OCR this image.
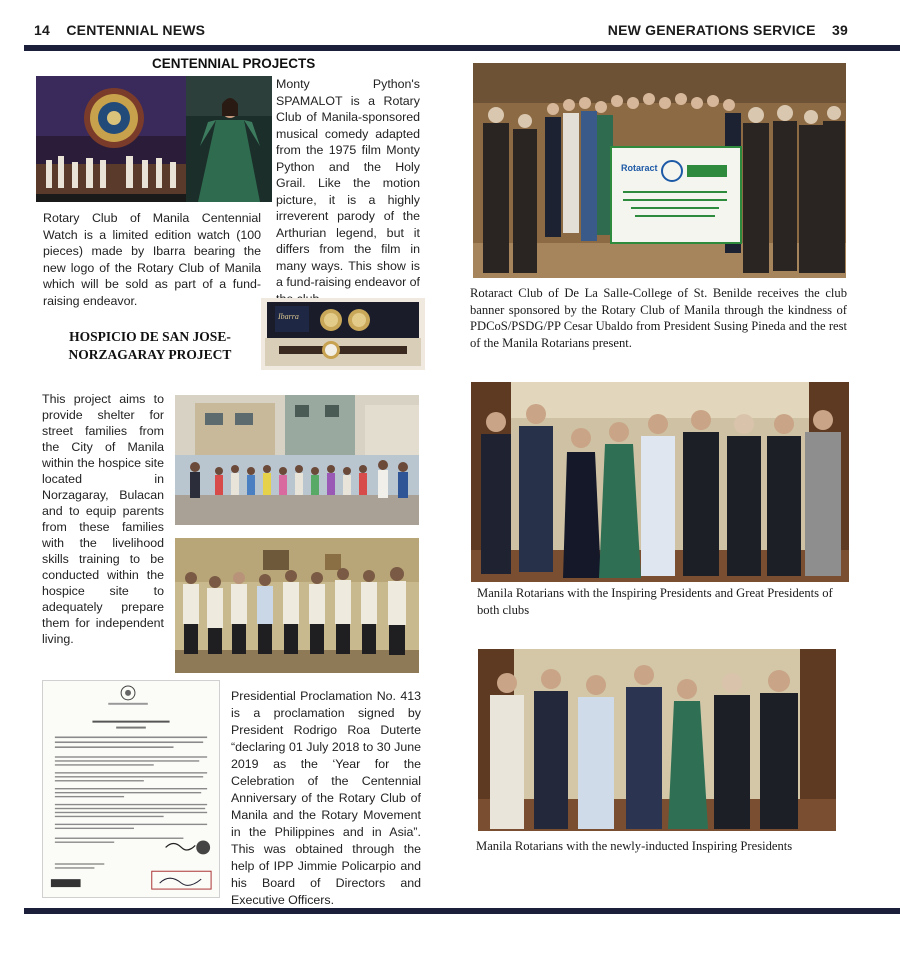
14 CENTENNIAL NEWS	NEW GENERATIONS SERVICE 39
CENTENNIAL PROJECTS
Monty Python's SPAMALOT is a Rotary Club of Manila-sponsored musical comedy adapted from the 1975 film Monty Python and the Holy Grail. Like the motion picture, it is a highly irreverent parody of the Arthurian legend, but it differs from the film in many ways. This show is a fund-raising endeavor of
Rotary Club of Manila Centennial Watch is a limited edition watch (100 pieces) made by Ibarra bearing the new logo of the Rotary Club of Manila which will be sold as part of a fund-raising endeavor.
Ibarra
HOSPICIO DE SAN JOSE-NORZAGARAY PROJECT
This project aims to provide shelter for street families from the City of Manila within the hospice site located in Norzagaray, Bulacan and to equip parents from these families with the livelihood skills training to be conducted within the hospice site to adequately prepare them for independent living.
Presidential Proclamation No. 413 is a proclamation signed by President Rodrigo Roa Duterte “declaring 01 July 2018 to 30 June 2019 as the ‘Year for the Celebration of the Centennial Anniversary of the Rotary Club of Manila and the Rotary Movement in the Philippines and in Asia”. This was obtained through the help of IPP Jimmie Policarpio and his Board of Directors and Executive Officers.
Rotaract
Rotaract Club of De La Salle-College of St. Benilde receives the club banner sponsored by the Rotary Club of Manila through the kindness of PDCoS/PSDG/PP Cesar Ubaldo from President Susing Pineda and the rest of the Manila Rotarians present.
Manila Rotarians with the Inspiring Presidents and Great Presidents of both clubs
Manila Rotarians with the newly-inducted Inspiring Presidents
